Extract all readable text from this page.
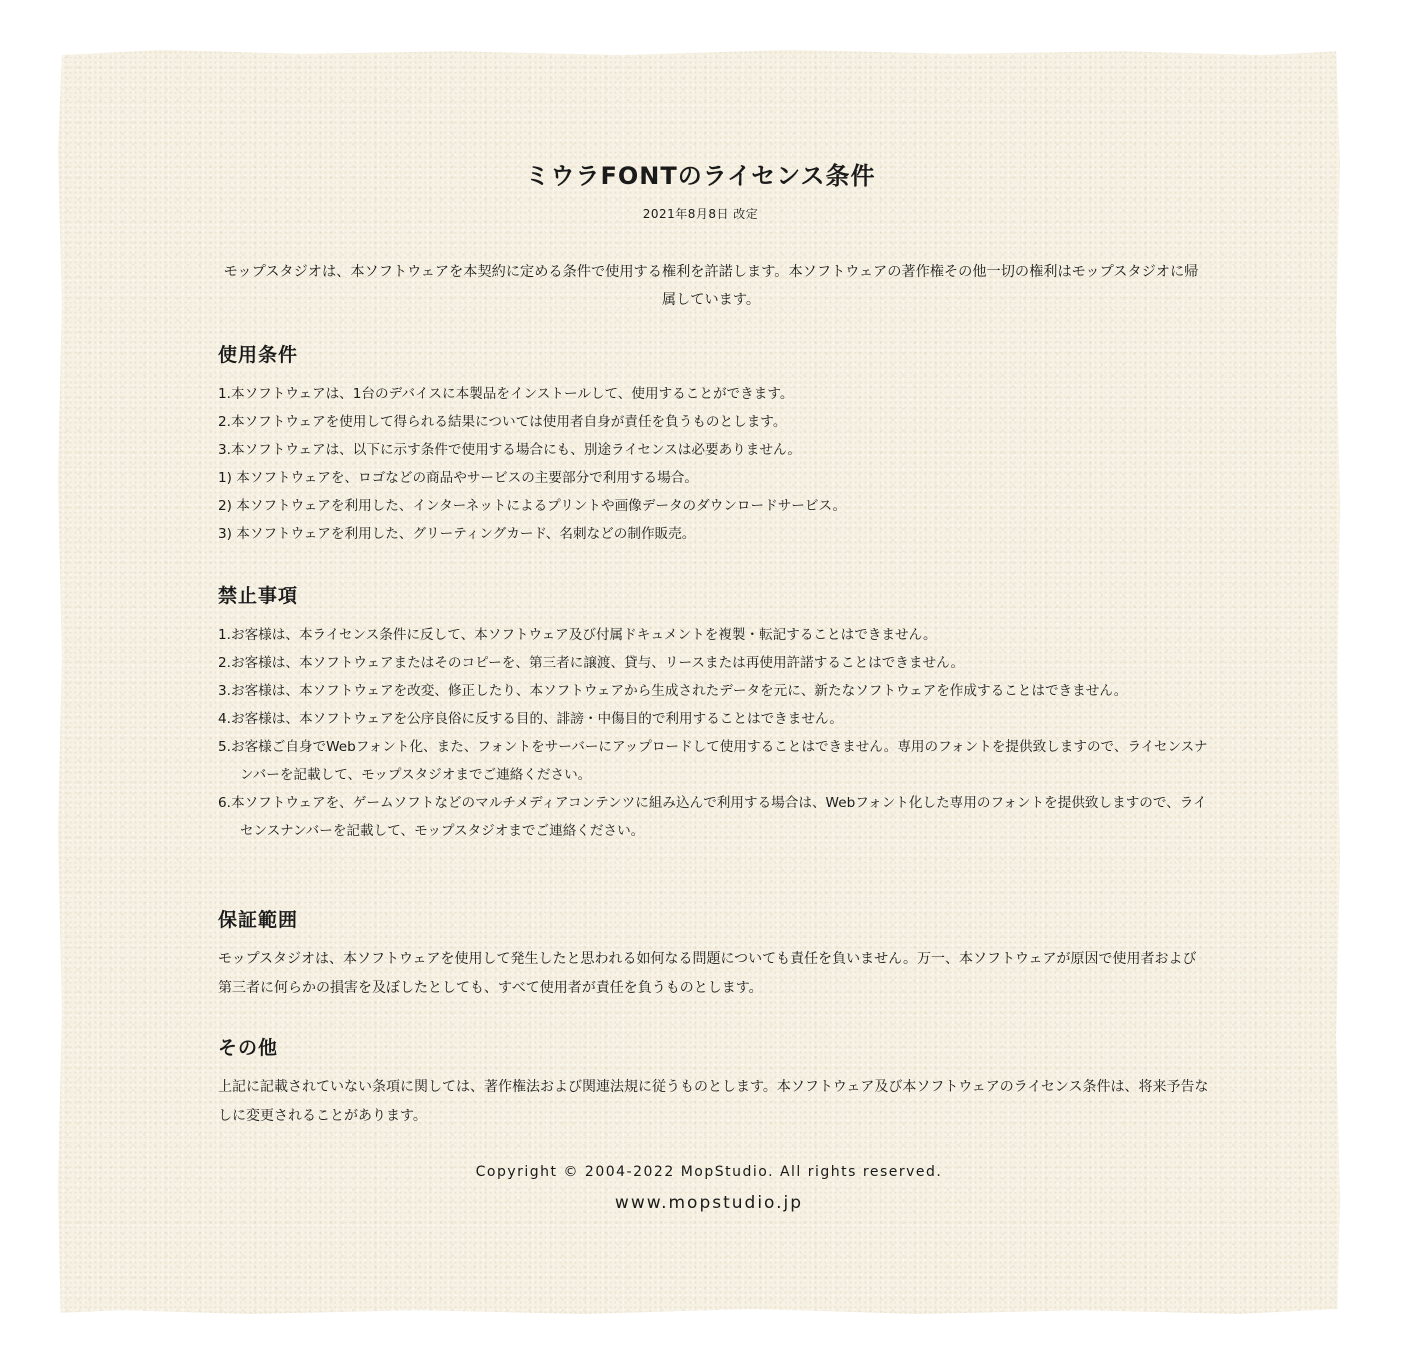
ミウラFONTのライセンス条件
2021年8月8日 改定

モップスタジオは、本ソフトウェアを本契約に定める条件で使用する権利を許諾します。本ソフトウェアの著作権その他一切の権利はモップスタジオに帰属しています。

使用条件
1.本ソフトウェアは、1台のデバイスに本製品をインストールして、使用することができます。
2.本ソフトウェアを使用して得られる結果については使用者自身が責任を負うものとします。
3.本ソフトウェアは、以下に示す条件で使用する場合にも、別途ライセンスは必要ありません。
1) 本ソフトウェアを、ロゴなどの商品やサービスの主要部分で利用する場合。
2) 本ソフトウェアを利用した、インターネットによるプリントや画像データのダウンロードサービス。
3) 本ソフトウェアを利用した、グリーティングカード、名刺などの制作販売。
禁止事項
1.お客様は、本ライセンス条件に反して、本ソフトウェア及び付属ドキュメントを複製・転記することはできません。
2.お客様は、本ソフトウェアまたはそのコピーを、第三者に譲渡、貸与、リースまたは再使用許諾することはできません。
3.お客様は、本ソフトウェアを改変、修正したり、本ソフトウェアから生成されたデータを元に、新たなソフトウェアを作成することはできません。
4.お客様は、本ソフトウェアを公序良俗に反する目的、誹謗・中傷目的で利用することはできません。
5.お客様ご自身でWebフォント化、また、フォントをサーバーにアップロードして使用することはできません。専用のフォントを提供致しますので、ライセンスナンバーを記載して、モップスタジオまでご連絡ください。
6.本ソフトウェアを、ゲームソフトなどのマルチメディアコンテンツに組み込んで利用する場合は、Webフォント化した専用のフォントを提供致しますので、ライセンスナンバーを記載して、モップスタジオまでご連絡ください。
保証範囲

モップスタジオは、本ソフトウェアを使用して発生したと思われる如何なる問題についても責任を負いません。万一、本ソフトウェアが原因で使用者および第三者に何らかの損害を及ぼしたとしても、すべて使用者が責任を負うものとします。

その他

上記に記載されていない条項に関しては、著作権法および関連法規に従うものとします。本ソフトウェア及び本ソフトウェアのライセンス条件は、将来予告なしに変更されることがあります。

Copyright © 2004-2022 MopStudio. All rights reserved.
www.mopstudio.jp
